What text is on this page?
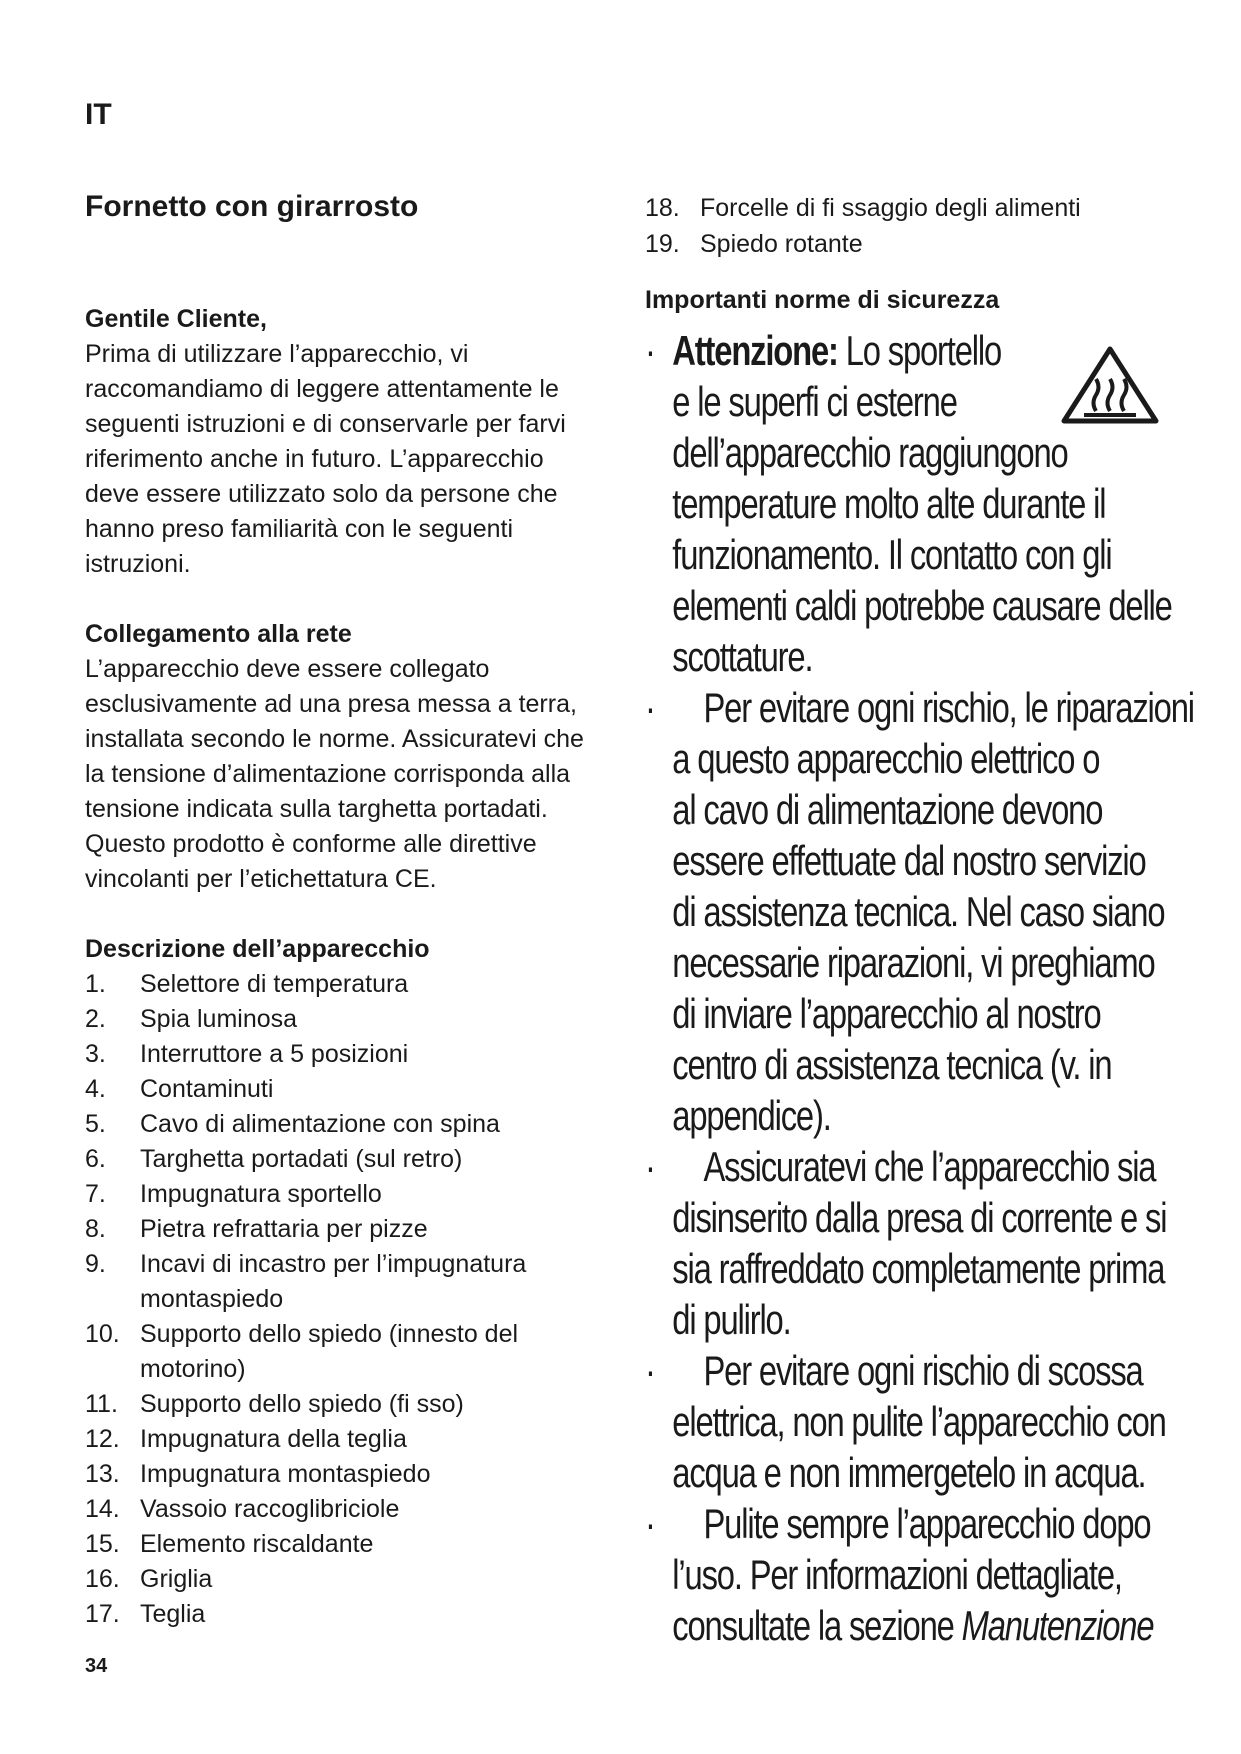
IT
Fornetto con girarrosto
Gentile Cliente,
Prima di utilizzare l’apparecchio, vi
raccomandiamo di leggere attentamente le
seguenti istruzioni e di conservarle per farvi
riferimento anche in futuro. L’apparecchio
deve essere utilizzato solo da persone che
hanno preso familiarità con le seguenti
istruzioni.
Collegamento alla rete
L’apparecchio deve essere collegato
esclusivamente ad una presa messa a terra,
installata secondo le norme. Assicuratevi che
la tensione d’alimentazione corrisponda alla
tensione indicata sulla targhetta portadati.
Questo prodotto è conforme alle direttive
vincolanti per l’etichettatura CE.
Descrizione dell’apparecchio
1.	Selettore di temperatura
2.	Spia luminosa
3.	Interruttore a 5 posizioni
4.	Contaminuti
5.	Cavo di alimentazione con spina
6.	Targhetta portadati (sul retro)
7.	Impugnatura sportello
8.	Pietra refrattaria per pizze
9.	Incavi di incastro per l’impugnatura
montaspiedo
10. Supporto dello spiedo (innesto del
motorino)
11. Supporto dello spiedo (fi sso)
12. Impugnatura della teglia
13. Impugnatura montaspiedo
14. Vassoio raccoglibriciole
15. Elemento riscaldante
16. Griglia
17. Teglia
18. Forcelle di fi ssaggio degli alimenti
19. Spiedo rotante
Importanti norme di sicurezza
· Attenzione: Lo sportello
e le superfi ci esterne
dell’apparecchio raggiungono
temperature molto alte durante il
funzionamento. Il contatto con gli
elementi caldi potrebbe causare delle
scottature.
·	Per evitare ogni rischio, le riparazioni
a questo apparecchio elettrico o
al cavo di alimentazione devono
essere effettuate dal nostro servizio
di assistenza tecnica. Nel caso siano
necessarie riparazioni, vi preghiamo
di inviare l’apparecchio al nostro
centro di assistenza tecnica (v. in
appendice).
·	Assicuratevi che l’apparecchio sia
disinserito dalla presa di corrente e si
sia raffreddato completamente prima
di pulirlo.
·	Per evitare ogni rischio di scossa
elettrica, non pulite l’apparecchio con
acqua e non immergetelo in acqua.
·	Pulite sempre l’apparecchio dopo
l’uso. Per informazioni dettagliate,
consultate la sezione Manutenzione
34
